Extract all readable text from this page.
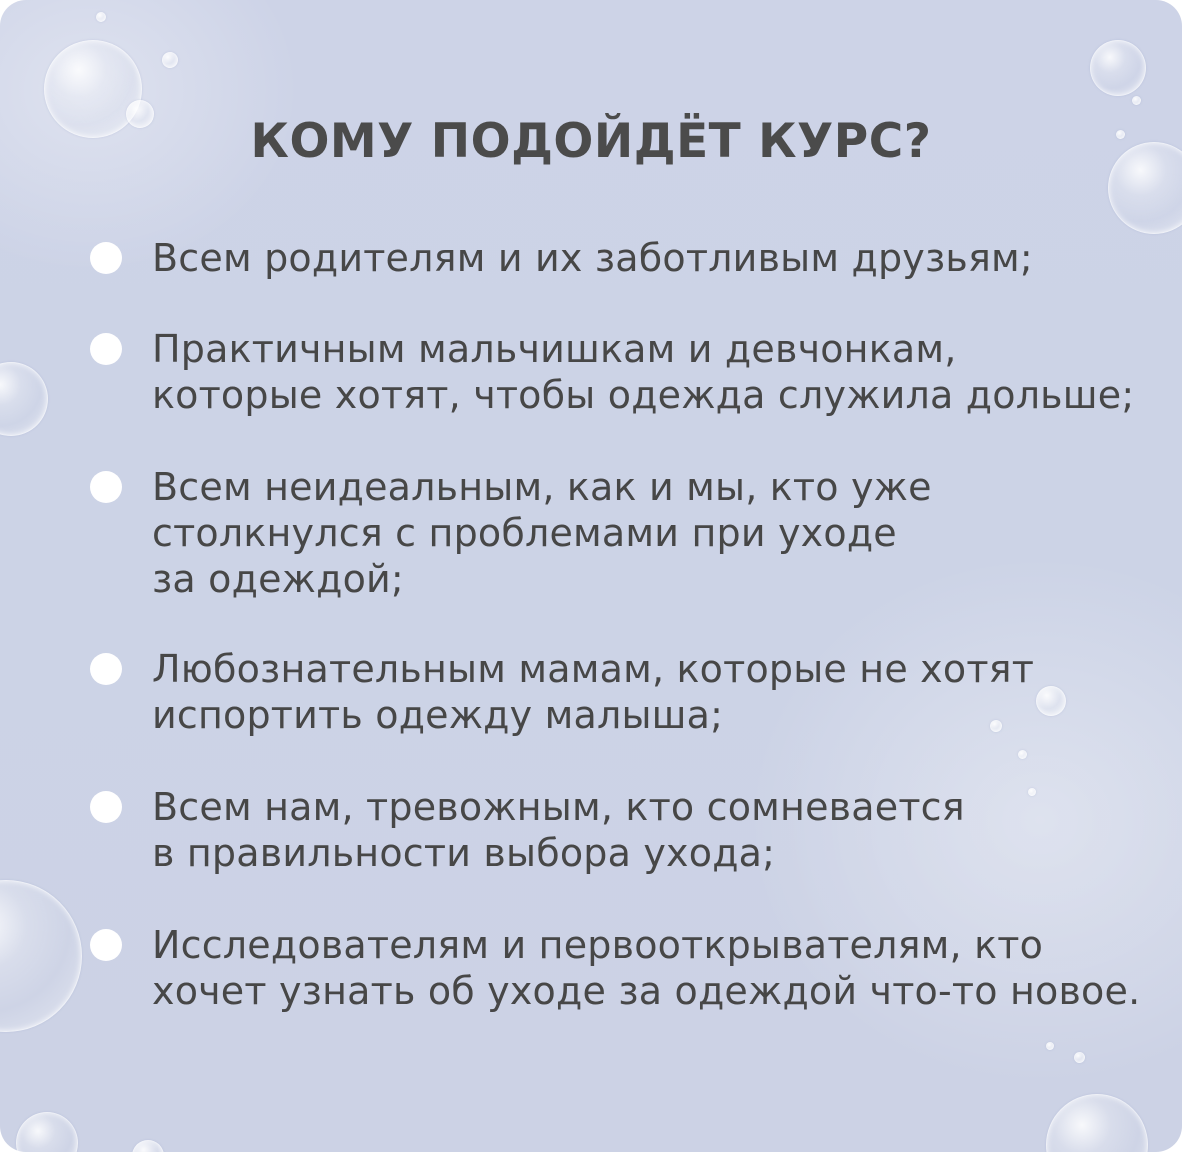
КОМУ ПОДОЙДЁТ КУРС?
Всем родителям и их заботливым друзьям;
Практичным мальчишкам и девчонкам,
которые хотят, чтобы одежда служила дольше;
Всем неидеальным, как и мы, кто уже
столкнулся с проблемами при уходе
за одеждой;
Любознательным мамам, которые не хотят
испортить одежду малыша;
Всем нам, тревожным, кто сомневается
в правильности выбора ухода;
Исследователям и первооткрывателям, кто
хочет узнать об уходе за одеждой что-то новое.
